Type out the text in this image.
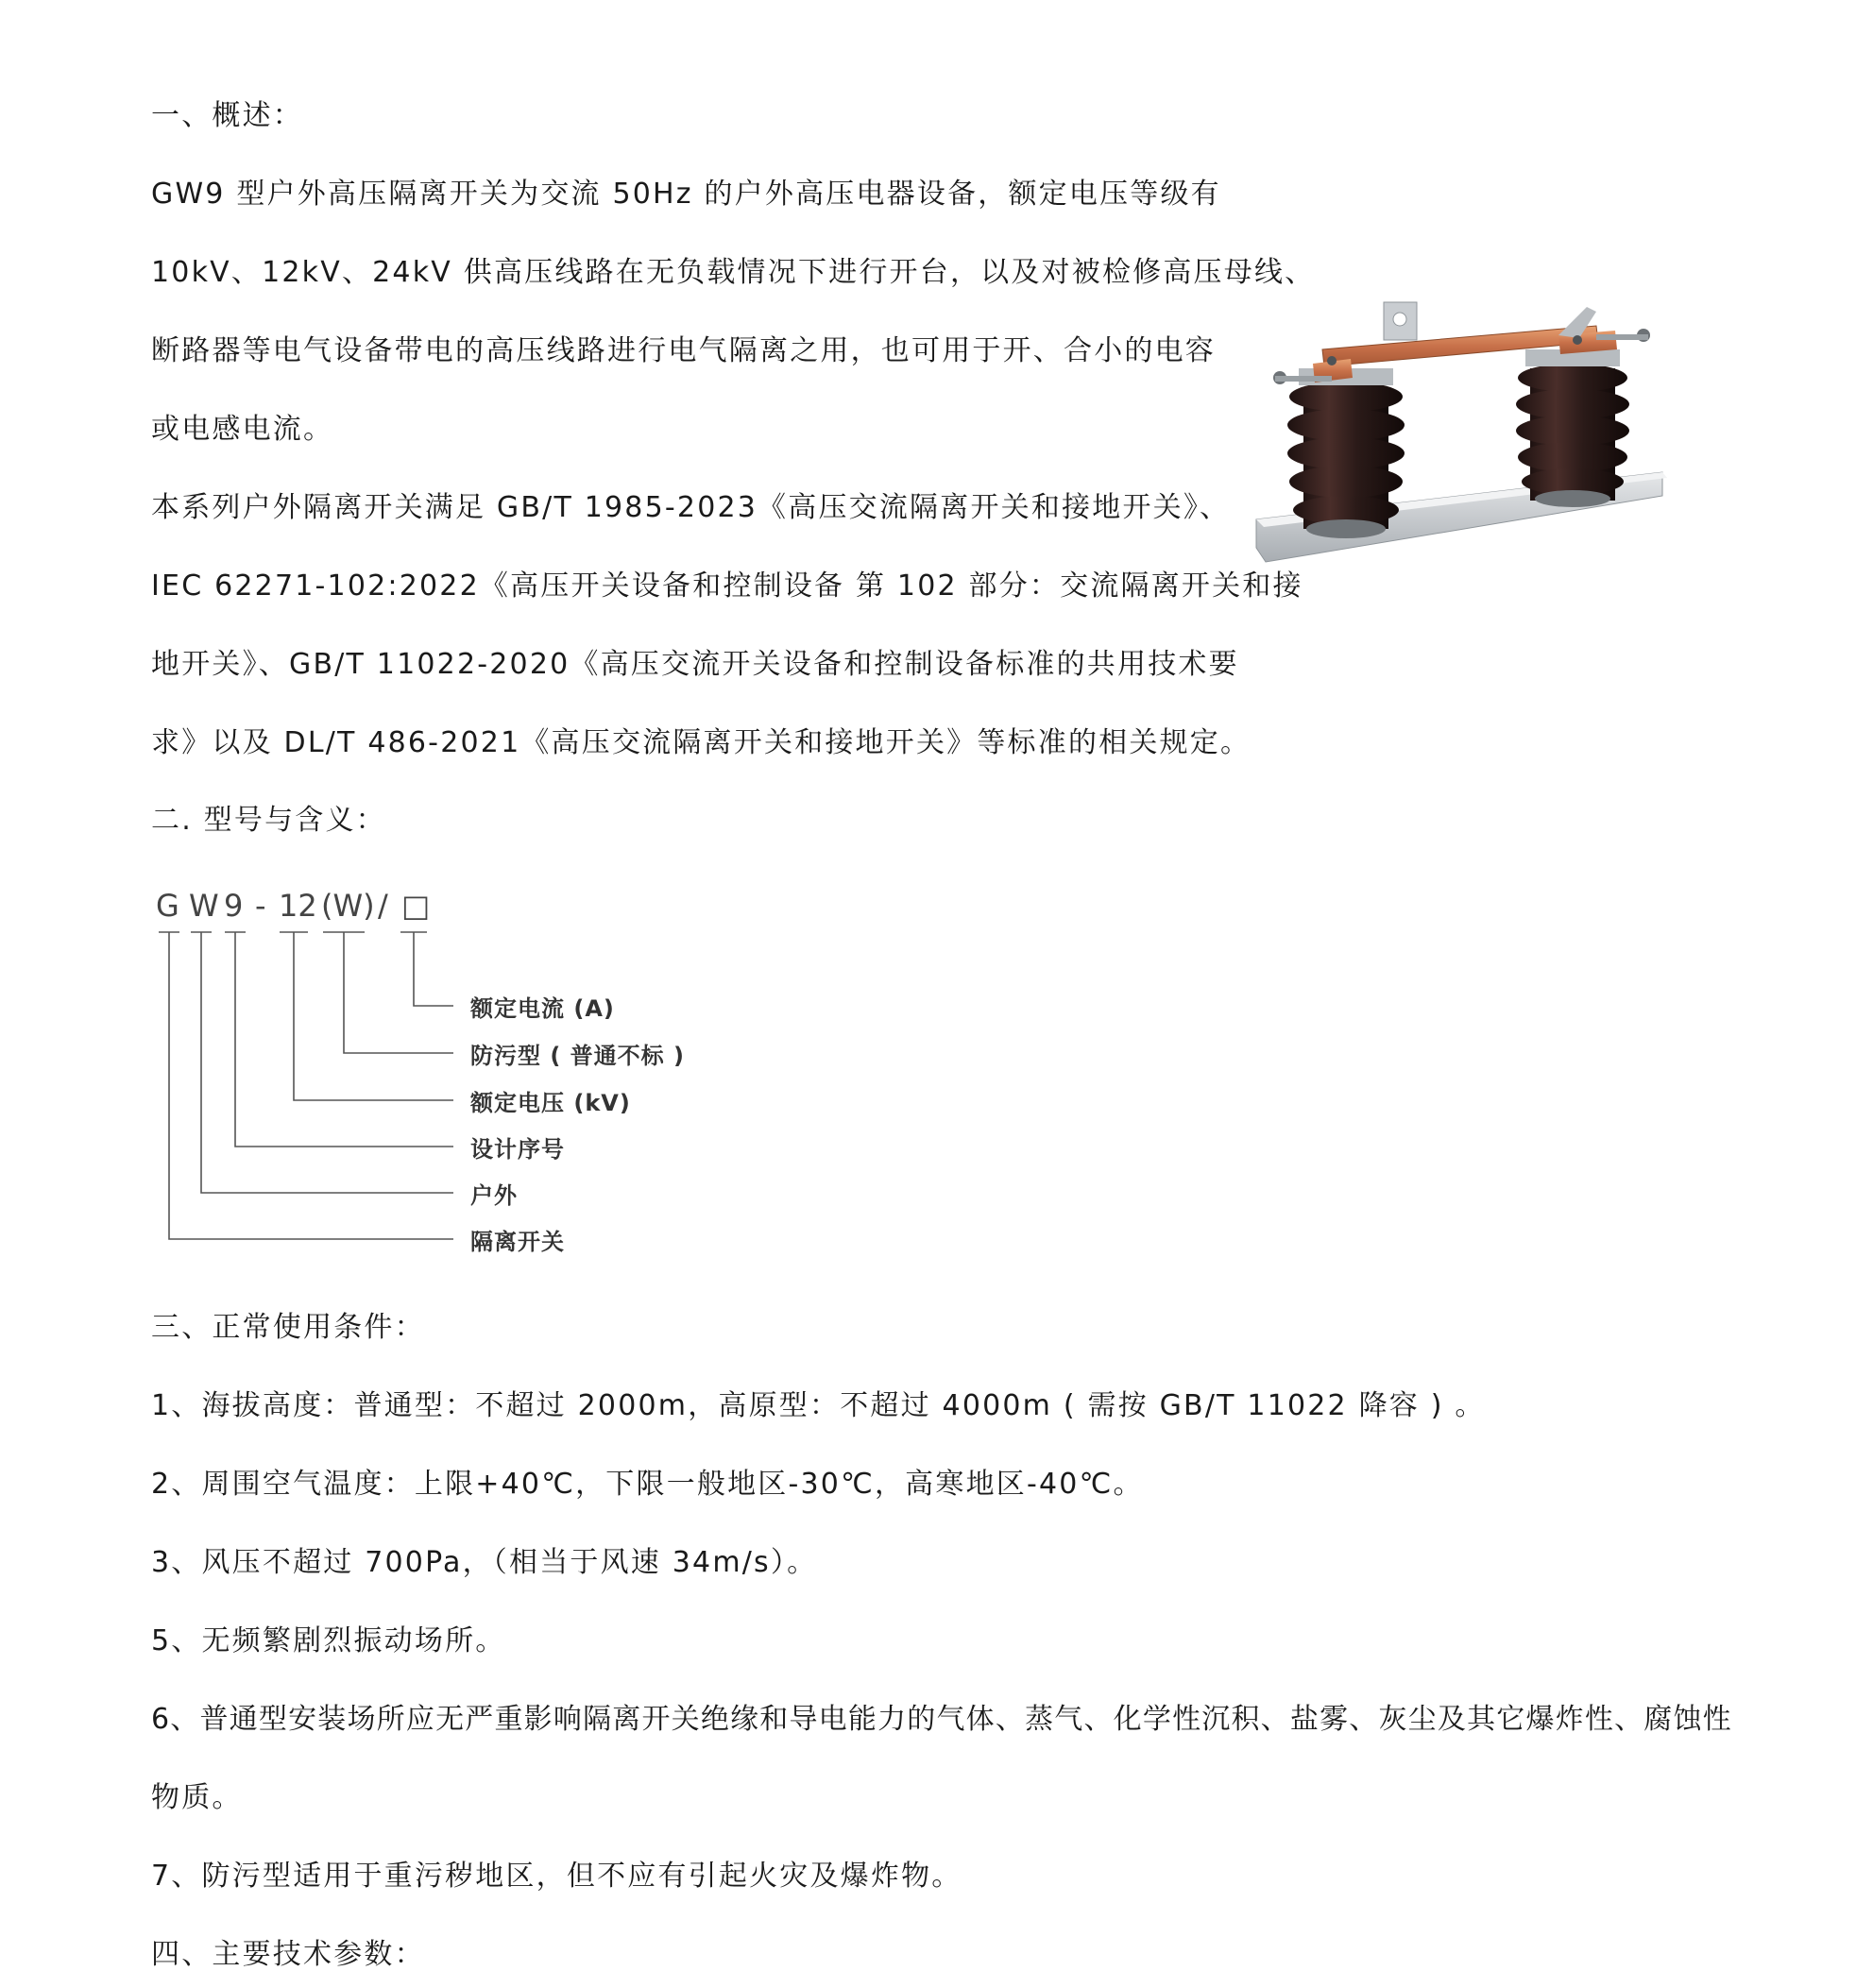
一、概述：

GW9 型户外高压隔离开关为交流 50Hz 的户外高压电器设备，额定电压等级有

10kV、12kV、24kV 供高压线路在无负载情况下进行开台，以及对被检修高压母线、

断路器等电气设备带电的高压线路进行电气隔离之用，也可用于开、合小的电容

或电感电流。

本系列户外隔离开关满足 GB/T 1985-2023《高压交流隔离开关和接地开关》、

IEC 62271-102:2022《高压开关设备和控制设备 第 102 部分：交流隔离开关和接

地开关》、GB/T 11022-2020《高压交流开关设备和控制设备标准的共用技术要

求》以及 DL/T 486-2021《高压交流隔离开关和接地开关》等标准的相关规定。

二. 型号与含义：

G W 9 - 12 (W) / □
额定电流 (A)
防污型 ( 普通不标 )
额定电压 (kV)
设计序号
户外
隔离开关

三、正常使用条件：

1、海拔高度：普通型：不超过 2000m，高原型：不超过 4000m ( 需按 GB/T 11022 降容 ) 。

2、周围空气温度：上限+40℃，下限一般地区-30℃，高寒地区-40℃。

3、风压不超过 700Pa，（相当于风速 34m/s）。

5、无频繁剧烈振动场所。

6、普通型安装场所应无严重影响隔离开关绝缘和导电能力的气体、蒸气、化学性沉积、盐雾、灰尘及其它爆炸性、腐蚀性

物质。

7、防污型适用于重污秽地区，但不应有引起火灾及爆炸物。

四、主要技术参数：
